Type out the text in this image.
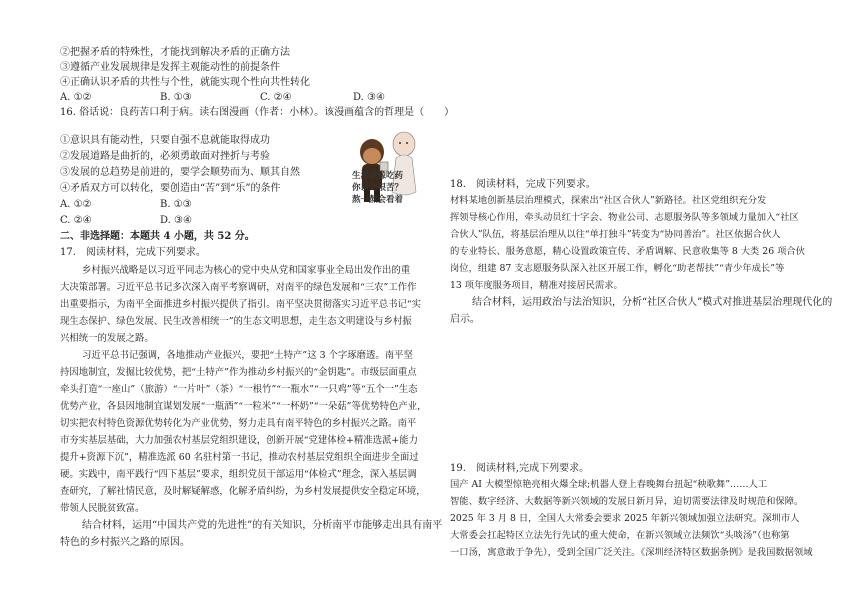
②把握矛盾的特殊性，才能找到解决矛盾的正确方法
③遵循产业发展规律是发挥主观能动性的前提条件
④正确认识矛盾的共性与个性，就能实现个性向共性转化
A. ①②	B. ①③	C. ②④	D. ③④
16. 俗话说：良药苦口利于病。读右图漫画（作者：小林）。该漫画蕴含的哲理是（　　）
①意识具有能动性，只要自强不息就能取得成功
②发展道路是曲折的，必须勇敢面对挫折与考验
③发展的总趋势是前进的，要学会顺势而为、顺其自然
④矛盾双方可以转化，要创造由“苦”到“乐”的条件
A. ①②	B. ①③
C. ②④	D. ③④
二、非选择题：本题共 4 小题，共 52 分。
17.　阅读材料，完成下列要求。
乡村振兴战略是以习近平同志为核心的党中央从党和国家事业全局出发作出的重
大决策部署。习近平总书记多次深入南平考察调研，对南平的绿色发展和“三农”工作作
出重要指示，为南平全面推进乡村振兴提供了指引。南平坚决贯彻落实习近平总书记“实
现生态保护、绿色发展、民生改善相统一”的生态文明思想，走生态文明建设与乡村振
兴相统一的发展之路。
习近平总书记强调，各地推动产业振兴，要把“土特产”这 3 个字琢磨透。南平坚
持因地制宜，发掘比较优势，把“土特产”作为推动乡村振兴的“金钥匙”。市级层面重点
牵头打造“一座山”（旅游）“一片叶”（茶）“一根竹”“一瓶水”“一只鸡”等“五个一”生态
优势产业，各县因地制宜谋划发展“一瓶酒”“一粒米”“一杯奶”“一朵菇”等优势特色产业，
切实把农村特色资源优势转化为产业优势，努力走具有南平特色的乡村振兴之路。南平
市夯实基层基础，大力加强农村基层党组织建设，创新开展“党建体检+精准选派+能力
提升+资源下沉”，精准选派 60 名驻村第一书记，推动农村基层党组织全面进步全面过
硬。实践中，南平践行“四下基层”要求，组织党员干部运用“体检式”理念，深入基层调
查研究，了解社情民意，及时解疑解惑，化解矛盾纠纷，为乡村发展提供安全稳定环境，
带领人民脱贫致富。
结合材料，运用“中国共产党的先进性”的有关知识，分析南平市能够走出具有南平
特色的乡村振兴之路的原因。
生活就像吃药
你以为很苦？
熬一熬会看着
18.　阅读材料，完成下列要求。
材料某地创新基层治理模式，探索出“社区合伙人”新路径。社区党组织充分发
挥领导核心作用，牵头动员红十字会、物业公司、志愿服务队等多领域力量加入“社区
合伙人”队伍，将基层治理从以往“单打独斗”转变为“协同善治”。社区依据合伙人
的专业特长、服务意愿，精心设置政策宣传、矛盾调解、民意收集等 8 大类 26 项合伙
岗位，组建 87 支志愿服务队深入社区开展工作，孵化“助老帮扶”“青少年成长”等
13 项年度服务项目，精准对接居民需求。
结合材料，运用政治与法治知识，分析“社区合伙人”模式对推进基层治理现代化的
启示。
19.　阅读材料,完成下列要求。
国产 AI 大模型惊艳亮相火爆全球;机器人登上春晚舞台扭起“秧歌舞”……人工
智能、数字经济、大数据等新兴领域的发展日新月异，迫切需要法律及时规范和保障。
2025 年 3 月 8 日，全国人大常委会要求 2025 年新兴领域加强立法研究。深圳市人
大常委会扛起特区立法先行先试的重大使命，在新兴领域立法频饮“头啖汤”（也称第
一口汤，寓意敢于争先），受到全国广泛关注。《深圳经济特区数据条例》是我国数据领域
